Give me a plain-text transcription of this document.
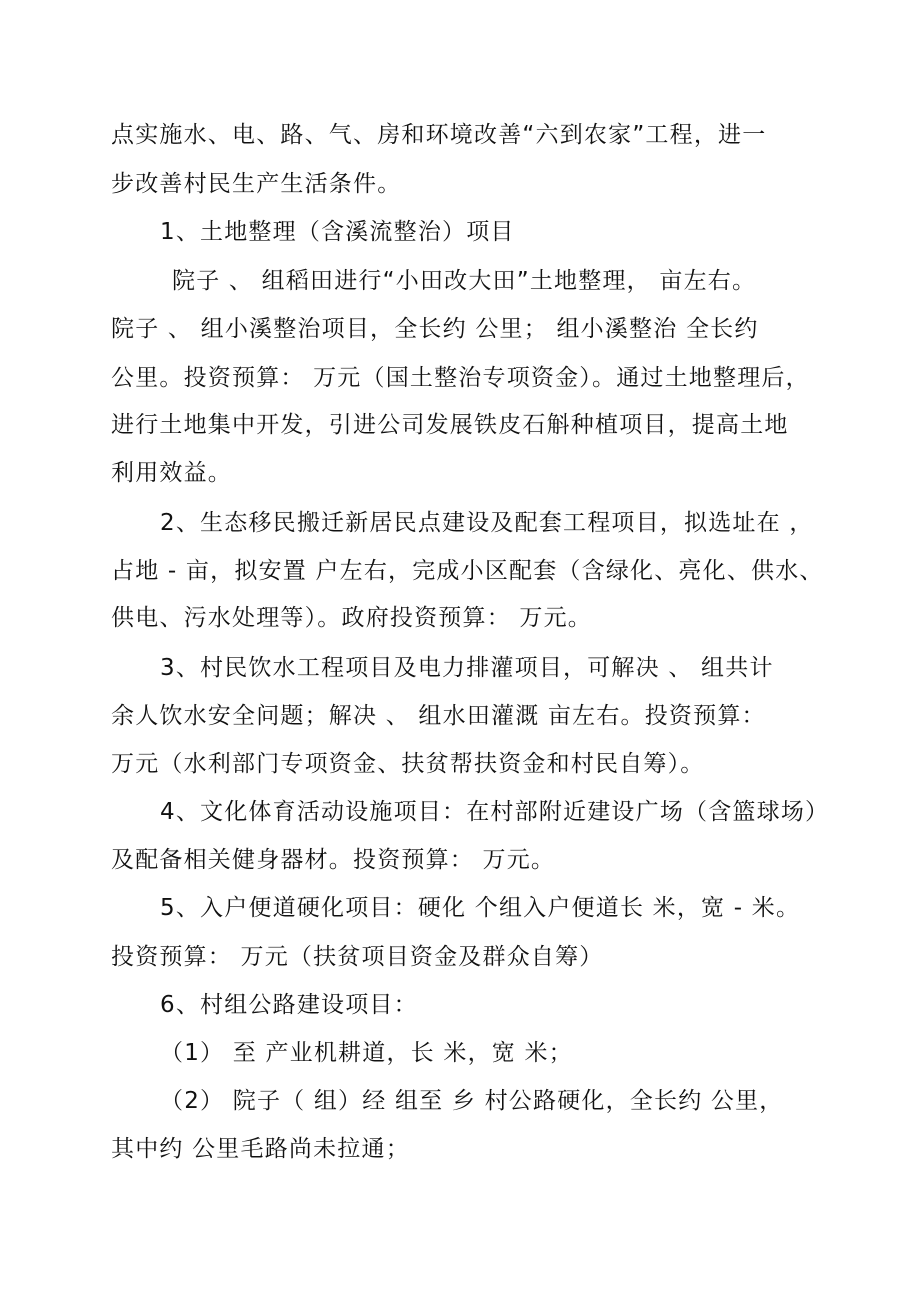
点实施水、电、路、气、房和环境改善“六到农家”工程，进一
步改善村民生产生活条件。
1、土地整理（含溪流整治）项目
院子 、 组稻田进行“小田改大田”土地整理， 亩左右。
院子 、 组小溪整治项目，全长约 公里； 组小溪整治 全长约
公里。投资预算： 万元（国土整治专项资金）。通过土地整理后，
进行土地集中开发，引进公司发展铁皮石斛种植项目，提高土地
利用效益。
2、生态移民搬迁新居民点建设及配套工程项目，拟选址在 ，
占地 - 亩，拟安置 户左右，完成小区配套（含绿化、亮化、供水、
供电、污水处理等）。政府投资预算： 万元。
3、村民饮水工程项目及电力排灌项目，可解决 、 组共计
余人饮水安全问题；解决 、 组水田灌溉 亩左右。投资预算：
万元（水利部门专项资金、扶贫帮扶资金和村民自筹）。
4、文化体育活动设施项目：在村部附近建设广场（含篮球场）
及配备相关健身器材。投资预算： 万元。
5、入户便道硬化项目：硬化 个组入户便道长 米，宽 - 米。
投资预算： 万元（扶贫项目资金及群众自筹）
6、村组公路建设项目：
（1） 至 产业机耕道，长 米，宽 米；
（2） 院子（ 组）经 组至 乡 村公路硬化，全长约 公里，
其中约 公里毛路尚未拉通；
